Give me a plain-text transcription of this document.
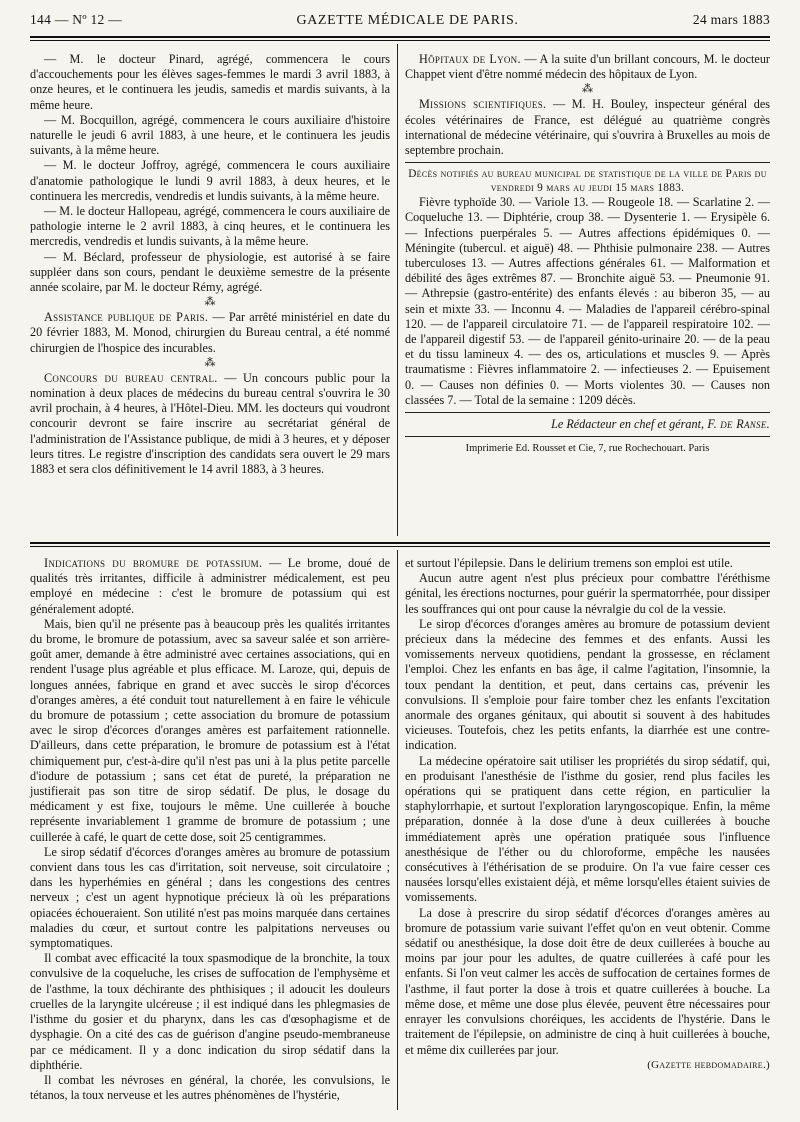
144 — Nº 12 —	GAZETTE MÉDICALE DE PARIS.	24 mars 1883

— M. le docteur Pinard, agrégé, commencera le cours d'accouchements pour les élèves sages-femmes le mardi 3 avril 1883, à onze heures, et le continuera les jeudis, samedis et mardis suivants, à la même heure.

— M. Bocquillon, agrégé, commencera le cours auxiliaire d'histoire naturelle le jeudi 6 avril 1883, à une heure, et le continuera les jeudis suivants, à la même heure.

— M. le docteur Joffroy, agrégé, commencera le cours auxiliaire d'anatomie pathologique le lundi 9 avril 1883, à deux heures, et le continuera les mercredis, vendredis et lundis suivants, à la même heure.

— M. le docteur Hallopeau, agrégé, commencera le cours auxiliaire de pathologie interne le 2 avril 1883, à cinq heures, et le continuera les mercredis, vendredis et lundis suivants, à la même heure.

— M. Béclard, professeur de physiologie, est autorisé à se faire suppléer dans son cours, pendant le deuxième semestre de la présente année scolaire, par M. le docteur Rémy, agrégé.

⁂

Assistance publique de Paris. — Par arrêté ministériel en date du 20 février 1883, M. Monod, chirurgien du Bureau central, a été nommé chirurgien de l'hospice des incurables.

⁂

Concours du bureau central. — Un concours public pour la nomination à deux places de médecins du bureau central s'ouvrira le 30 avril prochain, à 4 heures, à l'Hôtel-Dieu. MM. les docteurs qui voudront concourir devront se faire inscrire au secrétariat général de l'administration de l'Assistance publique, de midi à 3 heures, et y déposer leurs titres. Le registre d'inscription des candidats sera ouvert le 29 mars 1883 et sera clos définitivement le 14 avril 1883, à 3 heures.

Hôpitaux de Lyon. — A la suite d'un brillant concours, M. le docteur Chappet vient d'être nommé médecin des hôpitaux de Lyon.

⁂

Missions scientifiques. — M. H. Bouley, inspecteur général des écoles vétérinaires de France, est délégué au quatrième congrès international de médecine vétérinaire, qui s'ouvrira à Bruxelles au mois de septembre prochain.

Décès notifiés au bureau municipal de statistique de la ville de Paris du vendredi 9 mars au jeudi 15 mars 1883.

Fièvre typhoïde 30. — Variole 13. — Rougeole 18. — Scarlatine 2. — Coqueluche 13. — Diphtérie, croup 38. — Dysenterie 1. — Erysipèle 6. — Infections puerpérales 5. — Autres affections épidémiques 0. — Méningite (tubercul. et aiguë) 48. — Phthisie pulmonaire 238. — Autres tuberculoses 13. — Autres affections générales 61. — Malformation et débilité des âges extrêmes 87. — Bronchite aiguë 53. — Pneumonie 91. — Athrepsie (gastro-entérite) des enfants élevés : au biberon 35, — au sein et mixte 33. — Inconnu 4. — Maladies de l'appareil cérébro-spinal 120. — de l'appareil circulatoire 71. — de l'appareil respiratoire 102. — de l'appareil digestif 53. — de l'appareil génito-urinaire 20. — de la peau et du tissu lamineux 4. — des os, articulations et muscles 9. — Après traumatisme : Fièvres inflammatoire 2. — infectieuses 2. — Epuisement 0. — Causes non définies 0. — Morts violentes 30. — Causes non classées 7. — Total de la semaine : 1209 décès.

Le Rédacteur en chef et gérant, F. de Ranse.

Imprimerie Ed. Rousset et Cie, 7, rue Rochechouart. Paris

Indications du bromure de potassium. — Le brome, doué de qualités très irritantes, difficile à administrer médicalement, est peu employé en médecine : c'est le bromure de potassium qui est généralement adopté.

Mais, bien qu'il ne présente pas à beaucoup près les qualités irritantes du brome, le bromure de potassium, avec sa saveur salée et son arrière-goût amer, demande à être administré avec certaines associations, qui en rendent l'usage plus agréable et plus efficace. M. Laroze, qui, depuis de longues années, fabrique en grand et avec succès le sirop d'écorces d'oranges amères, a été conduit tout naturellement à en faire le véhicule du bromure de potassium ; cette association du bromure de potassium avec le sirop d'écorces d'oranges amères est parfaitement rationnelle. D'ailleurs, dans cette préparation, le bromure de potassium est à l'état chimiquement pur, c'est-à-dire qu'il n'est pas uni à la plus petite parcelle d'iodure de potassium ; sans cet état de pureté, la préparation ne justifierait pas son titre de sirop sédatif. De plus, le dosage du médicament y est fixe, toujours le même. Une cuillerée à bouche représente invariablement 1 gramme de bromure de potassium ; une cuillerée à café, le quart de cette dose, soit 25 centigrammes.

Le sirop sédatif d'écorces d'oranges amères au bromure de potassium convient dans tous les cas d'irritation, soit nerveuse, soit circulatoire ; dans les hyperhémies en général ; dans les congestions des centres nerveux ; c'est un agent hypnotique précieux là où les préparations opiacées échoueraient. Son utilité n'est pas moins marquée dans certaines maladies du cœur, et surtout contre les palpitations nerveuses ou symptomatiques.

Il combat avec efficacité la toux spasmodique de la bronchite, la toux convulsive de la coqueluche, les crises de suffocation de l'emphysème et de l'asthme, la toux déchirante des phthisiques ; il adoucit les douleurs cruelles de la laryngite ulcéreuse ; il est indiqué dans les phlegmasies de l'isthme du gosier et du pharynx, dans les cas d'œsophagisme et de dysphagie. On a cité des cas de guérison d'angine pseudo-membraneuse par ce médicament. Il y a donc indication du sirop sédatif dans la diphthérie.

Il combat les névroses en général, la chorée, les convulsions, le tétanos, la toux nerveuse et les autres phénomènes de l'hystérie,

et surtout l'épilepsie. Dans le delirium tremens son emploi est utile.

Aucun autre agent n'est plus précieux pour combattre l'éréthisme génital, les érections nocturnes, pour guérir la spermatorrhée, pour dissiper les souffrances qui ont pour cause la névralgie du col de la vessie.

Le sirop d'écorces d'oranges amères au bromure de potassium devient précieux dans la médecine des femmes et des enfants. Aussi les vomissements nerveux quotidiens, pendant la grossesse, en réclament l'emploi. Chez les enfants en bas âge, il calme l'agitation, l'insomnie, la toux pendant la dentition, et peut, dans certains cas, prévenir les convulsions. Il s'emploie pour faire tomber chez les enfants l'excitation anormale des organes génitaux, qui aboutit si souvent à des habitudes vicieuses. Toutefois, chez les petits enfants, la diarrhée est une contre-indication.

La médecine opératoire sait utiliser les propriétés du sirop sédatif, qui, en produisant l'anesthésie de l'isthme du gosier, rend plus faciles les opérations qui se pratiquent dans cette région, en particulier la staphylorrhapie, et surtout l'exploration laryngoscopique. Enfin, la même préparation, donnée à la dose d'une à deux cuillerées à bouche immédiatement après une opération pratiquée sous l'influence anesthésique de l'éther ou du chloroforme, empêche les nausées consécutives à l'éthérisation de se produire. On l'a vue faire cesser ces nausées lorsqu'elles existaient déjà, et même lorsqu'elles étaient suivies de vomissements.

La dose à prescrire du sirop sédatif d'écorces d'oranges amères au bromure de potassium varie suivant l'effet qu'on en veut obtenir. Comme sédatif ou anesthésique, la dose doit être de deux cuillerées à bouche au moins par jour pour les adultes, de quatre cuillerées à café pour les enfants. Si l'on veut calmer les accès de suffocation de certaines formes de l'asthme, il faut porter la dose à trois et quatre cuillerées à bouche. La même dose, et même une dose plus élevée, peuvent être nécessaires pour enrayer les convulsions choréiques, les accidents de l'hystérie. Dans le traitement de l'épilepsie, on administre de cinq à huit cuillerées à bouche, et même dix cuillerées par jour.

(Gazette hebdomadaire.)
